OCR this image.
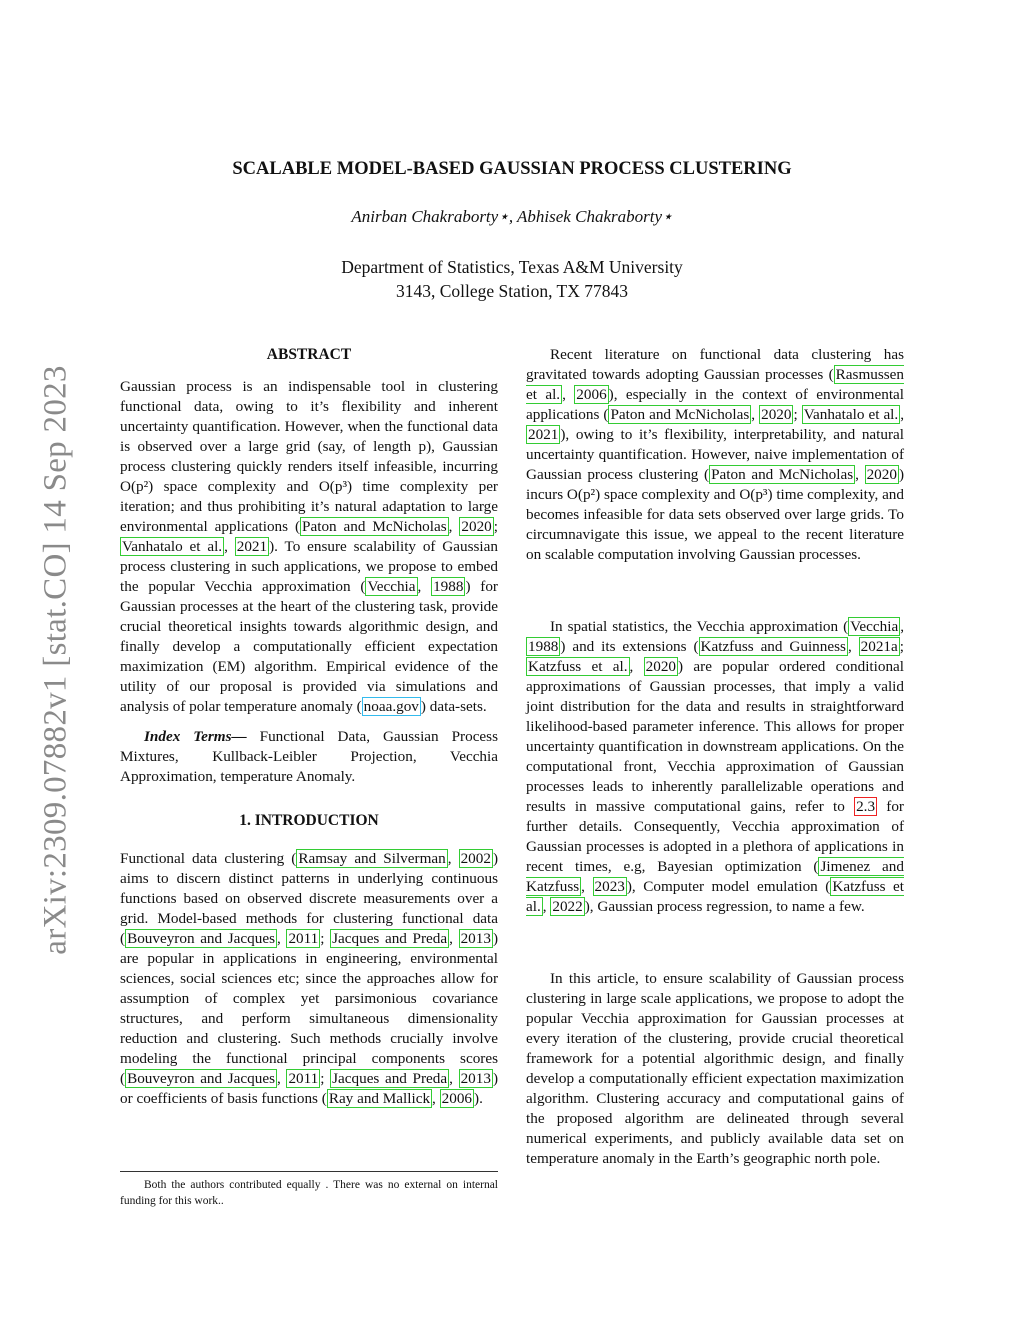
arXiv:2309.07882v1 [stat.CO] 14 Sep 2023
SCALABLE MODEL-BASED GAUSSIAN PROCESS CLUSTERING
Anirban Chakraborty⋆, Abhisek Chakraborty⋆
Department of Statistics, Texas A&M University
3143, College Station, TX 77843
ABSTRACT

Gaussian process is an indispensable tool in clustering functional data, owing to it’s flexibility and inherent uncertainty quantification. However, when the functional data is observed over a large grid (say, of length p), Gaussian process clustering quickly renders itself infeasible, incurring O(p²) space complexity and O(p³) time complexity per iteration; and thus prohibiting it’s natural adaptation to large environmental applications ( Paton and McNicholas , 2020 ; Vanhatalo et al. , 2021 ). To ensure scalability of Gaussian process clustering in such applications, we propose to embed the popular Vecchia approximation ( Vecchia , 1988 ) for Gaussian processes at the heart of the clustering task, provide crucial theoretical insights towards algorithmic design, and finally develop a computationally efficient expectation maximization (EM) algorithm. Empirical evidence of the utility of our proposal is provided via simulations and analysis of polar temperature anomaly ( noaa.gov ) data-sets.

Index Terms— Functional Data, Gaussian Process Mixtures, Kullback-Leibler Projection, Vecchia Approximation, temperature Anomaly.

1. INTRODUCTION

Functional data clustering ( Ramsay and Silverman , 2002 ) aims to discern distinct patterns in underlying continuous functions based on observed discrete measurements over a grid. Model-based methods for clustering functional data ( Bouveyron and Jacques , 2011 ; Jacques and Preda , 2013 ) are popular in applications in engineering, environmental sciences, social sciences etc; since the approaches allow for assumption of complex yet parsimonious covariance structures, and perform simultaneous dimensionality reduction and clustering. Such methods crucially involve modeling the functional principal components scores ( Bouveyron and Jacques , 2011 ; Jacques and Preda , 2013 ) or coefficients of basis functions ( Ray and Mallick , 2006 ).

Both the authors contributed equally . There was no external on internal funding for this work..

Recent literature on functional data clustering has gravitated towards adopting Gaussian processes ( Rasmussen et al. , 2006 ), especially in the context of environmental applications ( Paton and McNicholas , 2020 ; Vanhatalo et al. , 2021 ), owing to it’s flexibility, interpretability, and natural uncertainty quantification. However, naive implementation of Gaussian process clustering ( Paton and McNicholas , 2020 ) incurs O(p²) space complexity and O(p³) time complexity, and becomes infeasible for data sets observed over large grids. To circumnavigate this issue, we appeal to the recent literature on scalable computation involving Gaussian processes.

In spatial statistics, the Vecchia approximation ( Vecchia , 1988 ) and its extensions ( Katzfuss and Guinness , 2021a ; Katzfuss et al. , 2020 ) are popular ordered conditional approximations of Gaussian processes, that imply a valid joint distribution for the data and results in straightforward likelihood-based parameter inference. This allows for proper uncertainty quantification in downstream applications. On the computational front, Vecchia approximation of Gaussian processes leads to inherently parallelizable operations and results in massive computational gains, refer to 2.3 for further details. Consequently, Vecchia approximation of Gaussian processes is adopted in a plethora of applications in recent times, e.g, Bayesian optimization ( Jimenez and Katzfuss , 2023 ), Computer model emulation ( Katzfuss et al. , 2022 ), Gaussian process regression, to name a few.

In this article, to ensure scalability of Gaussian process clustering in large scale applications, we propose to adopt the popular Vecchia approximation for Gaussian processes at every iteration of the clustering, provide crucial theoretical framework for a potential algorithmic design, and finally develop a computationally efficient expectation maximization algorithm. Clustering accuracy and computational gains of the proposed algorithm are delineated through several numerical experiments, and publicly available data set on temperature anomaly in the Earth’s geographic north pole.
